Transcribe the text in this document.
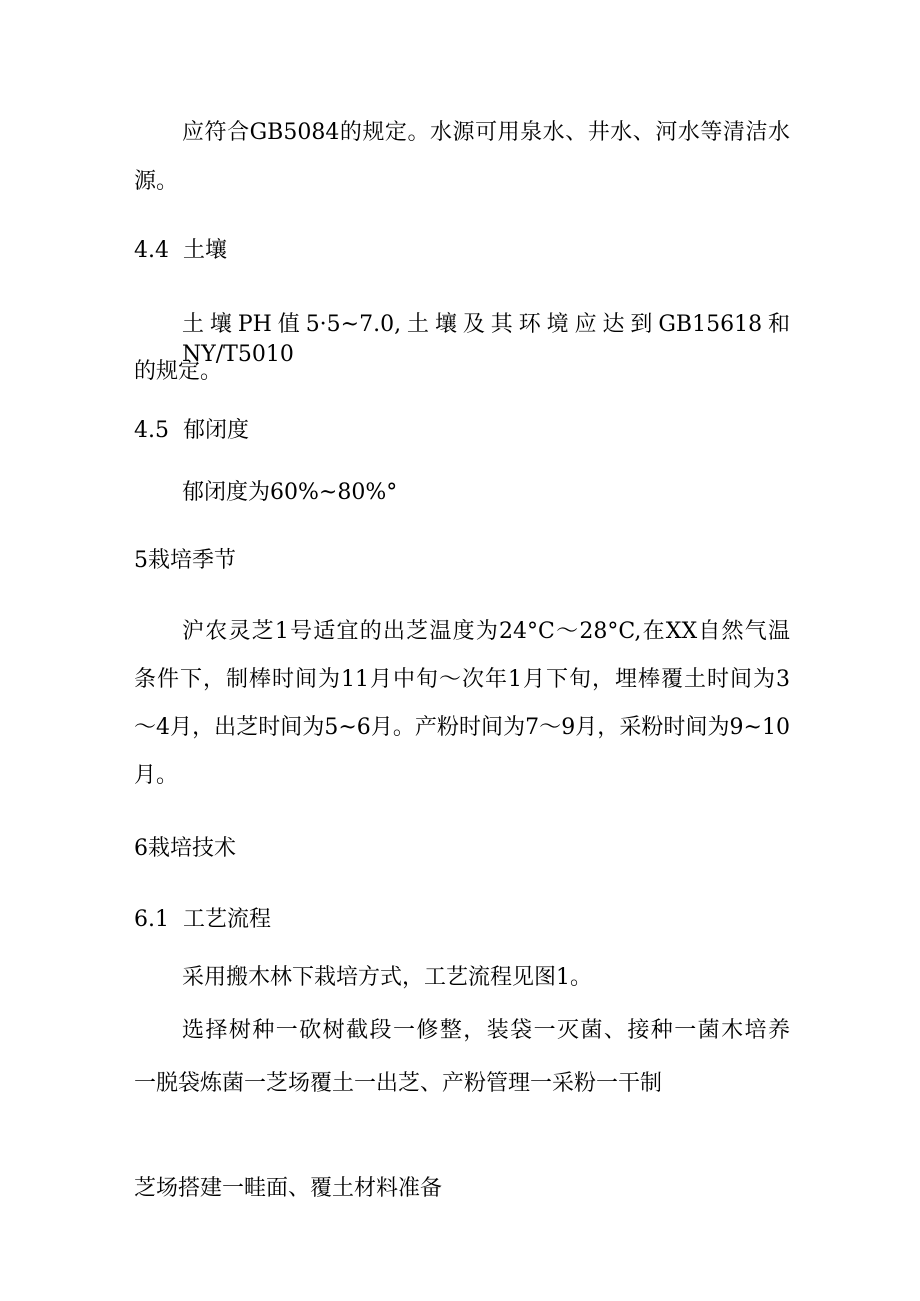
应符合GB5084的规定。水源可用泉水、井水、河水等清洁水

源。

4.4  土壤

土壤PH值5·5~7.0,土壤及其环境应达到GB15618和NY/T5010

的规定。

4.5  郁闭度

郁闭度为60%~80%°

5栽培季节

沪农灵芝1号适宜的出芝温度为24°C～28°C,在XX自然气温

条件下，制棒时间为11月中旬～次年1月下旬，埋棒覆土时间为3

～4月，出芝时间为5~6月。产粉时间为7～9月，采粉时间为9~10

月。

6栽培技术

6.1  工艺流程

采用搬木林下栽培方式，工艺流程见图1。

选择树种一砍树截段一修整，装袋一灭菌、接种一菌木培养

一脱袋炼菌一芝场覆土一出芝、产粉管理一采粉一干制

芝场搭建一畦面、覆土材料准备
